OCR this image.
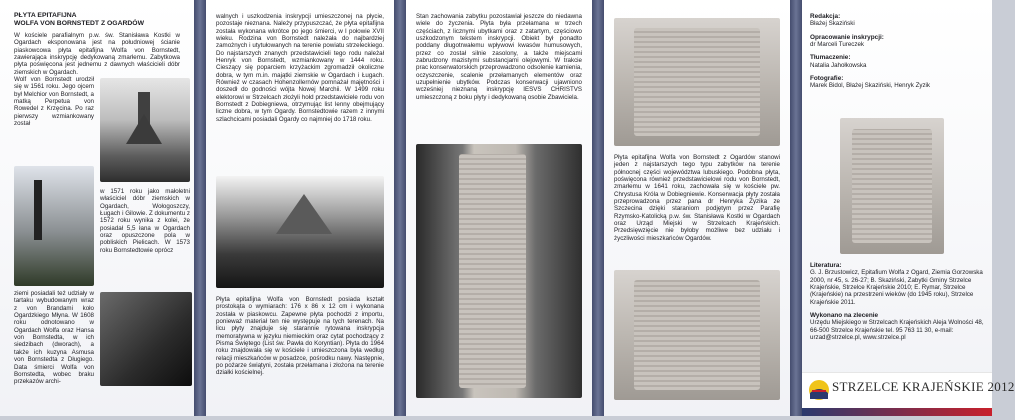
PŁYTA EPITAFIJNA
WOLFA VON BORNSTEDT Z OGARDÓW

W kościele parafialnym p.w. św. Stanisława Kostki w Ogardach eksponowana jest na południowej ścianie piaskowcowa płyta epitafijna Wolfa von Bornstedt, zawierająca inskrypcję dedykowaną zmarłemu. Zabytkowa płyta poświęcona jest jednemu z dawnych właścicieli dóbr ziemskich w Ogardach.

Wolf von Bornstedt urodził się w 1561 roku. Jego ojcem był Melchior von Bornstedt, a matką Perpetua von Rowedel z Krzęcina. Po raz pierwszy wzmiankowany został

w 1571 roku jako małoletni właściciel dóbr ziemskich w Ogardach, Wołogoszczy, Ługach i Gilowie. Z dokumentu z 1572 roku wynika z kolei, że posiadał 5,5 łana w Ogardach oraz opuszczone pola w pobliskich Pielicach. W 1573 roku Bornstedtowie oprócz

ziemi posiadali też udziały w tartaku wybudowanym wraz z von Brandami koło Ogardzkiego Młyna. W 1608 roku odnotowano w Ogardach Wolfa oraz Hansa von Bornstedta, w ich siedzibach (dworach), a także ich kuzyna Asmusa von Bornstedta z Długiego. Data śmierci Wolfa von Bornstedta, wobec braku przekazów archi-

walnych i uszkodzenia inskrypcji umieszczonej na płycie, pozostaje nieznana. Należy przypuszczać, że płyta epitafijna została wykonana wkrótce po jego śmierci, w I połowie XVII wieku. Rodzina von Bornstedt należała do najbardziej zamożnych i utytułowanych na terenie powiatu strzeleckiego. Do najstarszych znanych przedstawicieli tego rodu należał Henryk von Bornstedt, wzmiankowany w 1444 roku. Cieszący się poparciem krzyżackim zgromadził okoliczne dobra, w tym m.in. majątki ziemskie w Ogardach i Ługach. Również w czasach Hohenzollernów pomnażał majętności i doszedł do godności wójta Nowej Marchii. W 1499 roku elektorowi w Strzelcach złożyli hołd przedstawiciele rodu von Bornstedt z Dobiegniewa, otrzymując list lenny obejmujący liczne dobra, w tym Ogardy. Bornstedtowie razem z innymi szlachcicami posiadali Ogardy co najmniej do 1718 roku.

Płyta epitafijna Wolfa von Bornstedt posiada kształt prostokąta o wymiarach: 176 x 86 x 12 cm i wykonana została w piaskowcu. Zapewne płyta pochodzi z importu, ponieważ materiał ten nie występuje na tych terenach. Na licu płyty znajduje się starannie rytowana inskrypcja memoratywna w języku niemieckim oraz cytat pochodzący z Pisma Świętego (List św. Pawła do Koryntian). Płyta do 1964 roku znajdowała się w kościele i umieszczona była według relacji mieszkańców w posadzce, pośrodku nawy. Następnie, po pożarze świątyni, została przełamana i złożona na terenie działki kościelnej.

Stan zachowania zabytku pozostawiał jeszcze do niedawna wiele do życzenia. Płyta była przełamana w trzech częściach, z licznymi ubytkami oraz z zatartym, częściowo uszkodzonym tekstem inskrypcji. Obiekt był ponadto poddany długotrwałemu wpływowi kwasów humusowych, przez co został silnie zasolony, a także miejscami zabrudzony mazistymi substancjami olejowymi. W trakcie prac konserwatorskich przeprowadzono odsolenie kamienia, oczyszczenie, scalenie przełamanych elementów oraz uzupełnienie ubytków. Podczas konserwacji ujawniono wcześniej nieznaną inskrypcję IESVS CHRISTVS umieszczoną z boku płyty i dedykowaną osobie Zbawiciela.

Płyta epitafijna Wolfa von Bornstedt z Ogardów stanowi jeden z najstarszych tego typu zabytków na terenie północnej części województwa lubuskiego. Podobna płyta, poświęcona również przedstawicielowi rodu von Bornstedt, zmarłemu w 1641 roku, zachowała się w kościele pw. Chrystusa Króla w Dobiegniewie. Konserwacja płyty została przeprowadzona przez pana dr Henryka Zyzika ze Szczecina dzięki staraniom podjętym przez Parafię Rzymsko-Katolicką p.w. św. Stanisława Kostki w Ogardach oraz Urząd Miejski w Strzelcach Krajeńskich. Przedsięwzięcie nie byłoby możliwe bez udziału i życzliwości mieszkańców Ogardów.

Redakcja:

Błażej Skaziński

Opracowanie inskrypcji:

dr Marceli Tureczek

Tłumaczenie:

Natalia Jahołkowska

Fotografie:

Marek Bidol, Błażej Skaziński, Henryk Zyzik

Literatura:

G. J. Brzustowicz, Epitafium Wolfa z Ogard, Ziemia Gorzowska 2000, nr 45, s. 26-27; B. Skaziński, Zabytki Gminy Strzelce Krajeńskie, Strzelce Krajeńskie 2010; E. Rymar, Strzelce (Krajeńskie) na przestrzeni wieków (do 1945 roku), Strzelce Krajeńskie 2011.

Wykonano na zlecenie

Urzędu Miejskiego w Strzelcach Krajeńskich Aleja Wolności 48, 66-500 Strzelce Krajeńskie tel. 95 763 11 30, e-mail: urzad@strzelce.pl, www.strzelce.pl

STRZELCE KRAJEŃSKIE 2012
